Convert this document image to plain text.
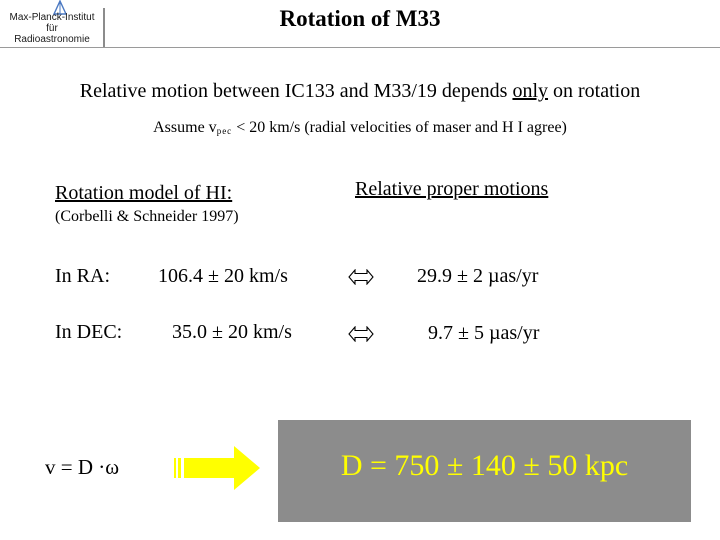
Max-Planck-Institut
für
Radioastronomie
Rotation of M33
Relative motion between IC133 and M33/19 depends only on rotation
Assume $v_{pec} < 20$ km/s (radial velocities of maser and H I agree)
Rotation model of HI:	Relative proper motions
(Corbelli & Schneider 1997)
In RA: 106.4 ± 20 km/s	29.9 ± 2 µas/yr
In DEC: 35.0 ± 20 km/s	9.7 ± 5 µas/yr
v = D ·ω	D = 750 ± 140 ± 50 kpc
